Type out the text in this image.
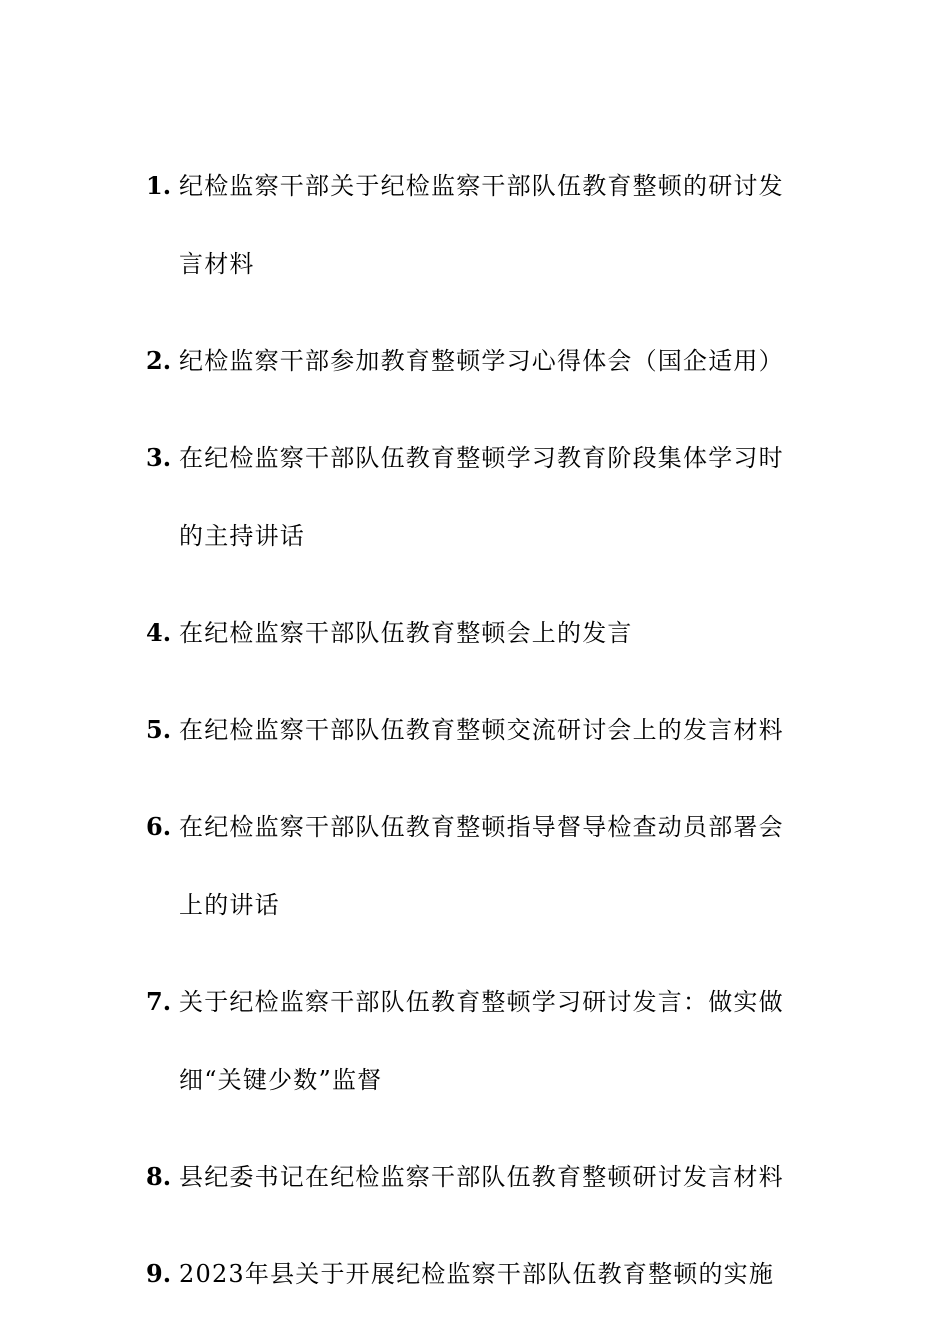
1. 纪检监察干部关于纪检监察干部队伍教育整顿的研讨发言材料
2. 纪检监察干部参加教育整顿学习心得体会（国企适用）
3. 在纪检监察干部队伍教育整顿学习教育阶段集体学习时的主持讲话
4. 在纪检监察干部队伍教育整顿会上的发言
5. 在纪检监察干部队伍教育整顿交流研讨会上的发言材料
6. 在纪检监察干部队伍教育整顿指导督导检查动员部署会上的讲话
7. 关于纪检监察干部队伍教育整顿学习研讨发言：做实做细“关键少数”监督
8. 县纪委书记在纪检监察干部队伍教育整顿研讨发言材料
9. 2023年县关于开展纪检监察干部队伍教育整顿的实施
